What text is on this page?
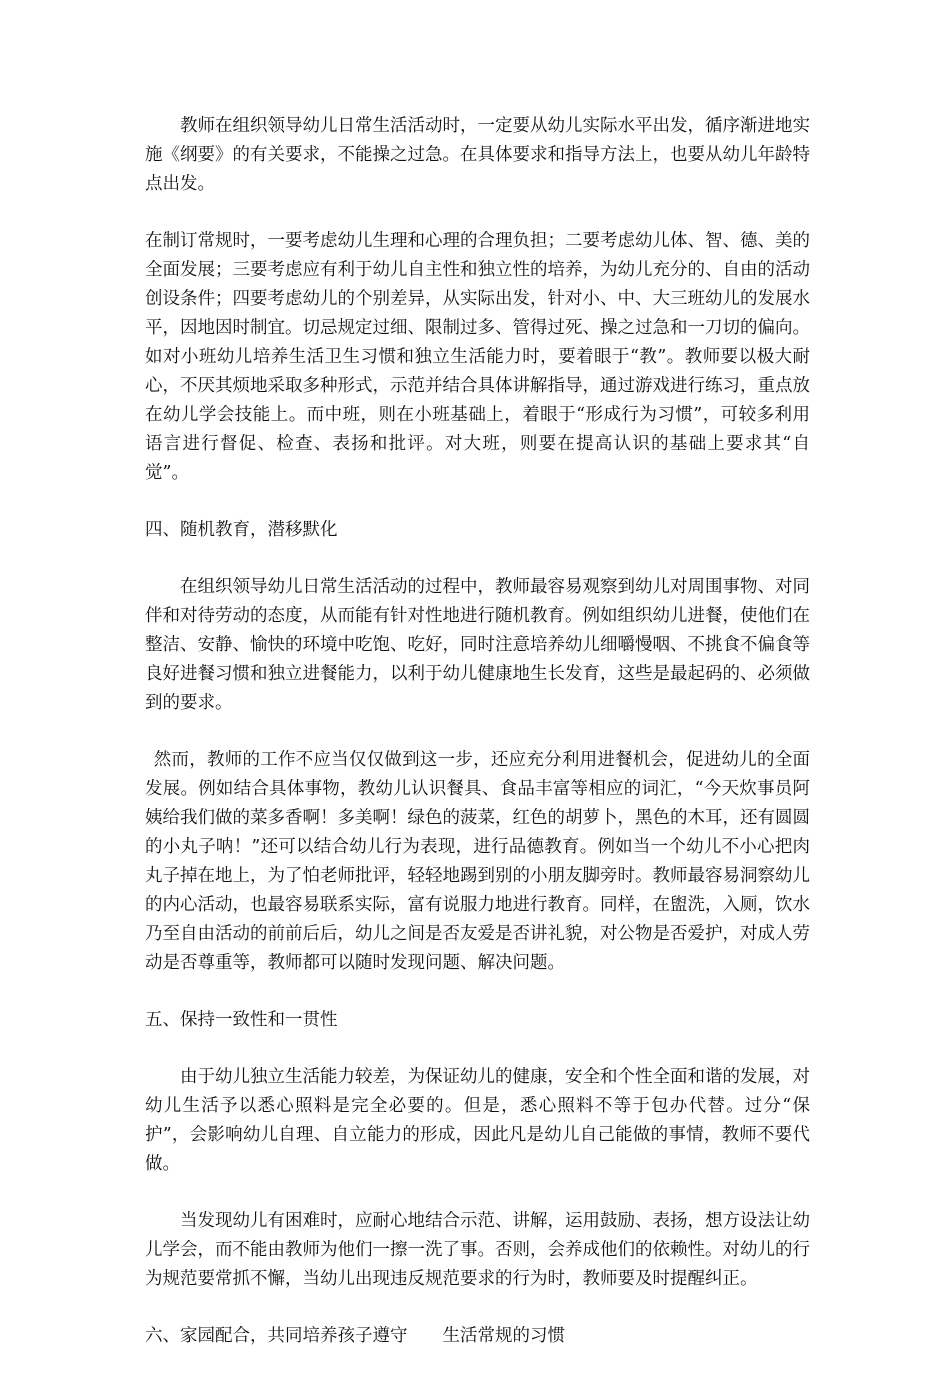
教师在组织领导幼儿日常生活活动时，一定要从幼儿实际水平出发，循序渐进地实施《纲要》的有关要求，不能操之过急。在具体要求和指导方法上，也要从幼儿年龄特点出发。

在制订常规时，一要考虑幼儿生理和心理的合理负担；二要考虑幼儿体、智、德、美的全面发展；三要考虑应有利于幼儿自主性和独立性的培养，为幼儿充分的、自由的活动创设条件；四要考虑幼儿的个别差异，从实际出发，针对小、中、大三班幼儿的发展水平，因地因时制宜。切忌规定过细、限制过多、管得过死、操之过急和一刀切的偏向。如对小班幼儿培养生活卫生习惯和独立生活能力时，要着眼于“教”。教师要以极大耐心，不厌其烦地采取多种形式，示范并结合具体讲解指导，通过游戏进行练习，重点放在幼儿学会技能上。而中班，则在小班基础上，着眼于“形成行为习惯”，可较多利用语言进行督促、检查、表扬和批评。对大班，则要在提高认识的基础上要求其“自觉”。

四、随机教育，潜移默化

在组织领导幼儿日常生活活动的过程中，教师最容易观察到幼儿对周围事物、对同伴和对待劳动的态度，从而能有针对性地进行随机教育。例如组织幼儿进餐，使他们在整洁、安静、愉快的环境中吃饱、吃好，同时注意培养幼儿细嚼慢咽、不挑食不偏食等良好进餐习惯和独立进餐能力，以利于幼儿健康地生长发育，这些是最起码的、必须做到的要求。

然而，教师的工作不应当仅仅做到这一步，还应充分利用进餐机会，促进幼儿的全面发展。例如结合具体事物，教幼儿认识餐具、食品丰富等相应的词汇，“今天炊事员阿姨给我们做的菜多香啊！多美啊！绿色的菠菜，红色的胡萝卜，黑色的木耳，还有圆圆的小丸子呐！”还可以结合幼儿行为表现，进行品德教育。例如当一个幼儿不小心把肉丸子掉在地上，为了怕老师批评，轻轻地踢到别的小朋友脚旁时。教师最容易洞察幼儿的内心活动，也最容易联系实际，富有说服力地进行教育。同样，在盥洗，入厕，饮水乃至自由活动的前前后后，幼儿之间是否友爱是否讲礼貌，对公物是否爱护，对成人劳动是否尊重等，教师都可以随时发现问题、解决问题。

五、保持一致性和一贯性

由于幼儿独立生活能力较差，为保证幼儿的健康，安全和个性全面和谐的发展，对幼儿生活予以悉心照料是完全必要的。但是，悉心照料不等于包办代替。过分“保护”，会影响幼儿自理、自立能力的形成，因此凡是幼儿自己能做的事情，教师不要代做。

当发现幼儿有困难时，应耐心地结合示范、讲解，运用鼓励、表扬，想方设法让幼儿学会，而不能由教师为他们一擦一洗了事。否则，会养成他们的依赖性。对幼儿的行为规范要常抓不懈，当幼儿出现违反规范要求的行为时，教师要及时提醒纠正。

六、家园配合，共同培养孩子遵守　　生活常规的习惯
